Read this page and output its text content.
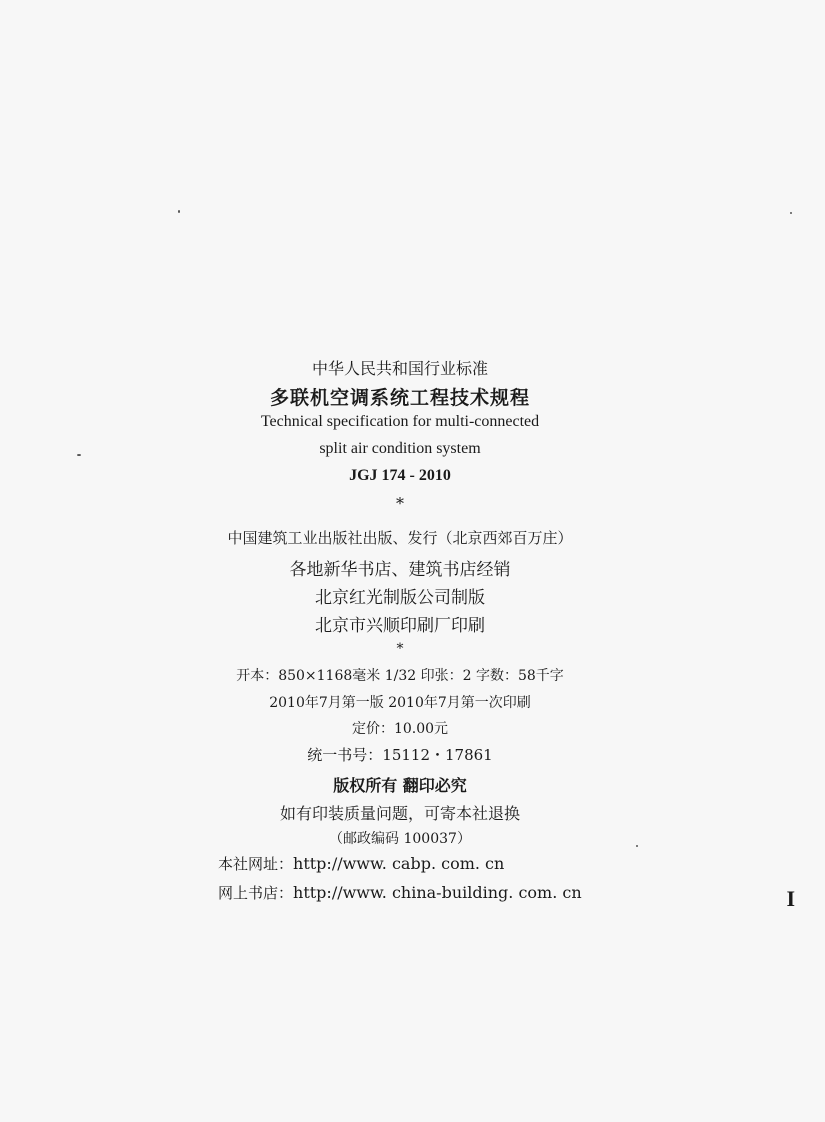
中华人民共和国行业标准
多联机空调系统工程技术规程
Technical specification for multi-connected
split air condition system
JGJ 174 - 2010
*
中国建筑工业出版社出版、发行（北京西郊百万庄）
各地新华书店、建筑书店经销
北京红光制版公司制版
北京市兴顺印刷厂印刷
*
开本：850×1168毫米 1/32 印张：2 字数：58千字
2010年7月第一版 2010年7月第一次印刷
定价：10.00元
统一书号：15112・17861
版权所有 翻印必究
如有印装质量问题，可寄本社退换
（邮政编码 100037）
本社网址：http://www. cabp. com. cn
网上书店：http://www. china-building. com. cn	I
